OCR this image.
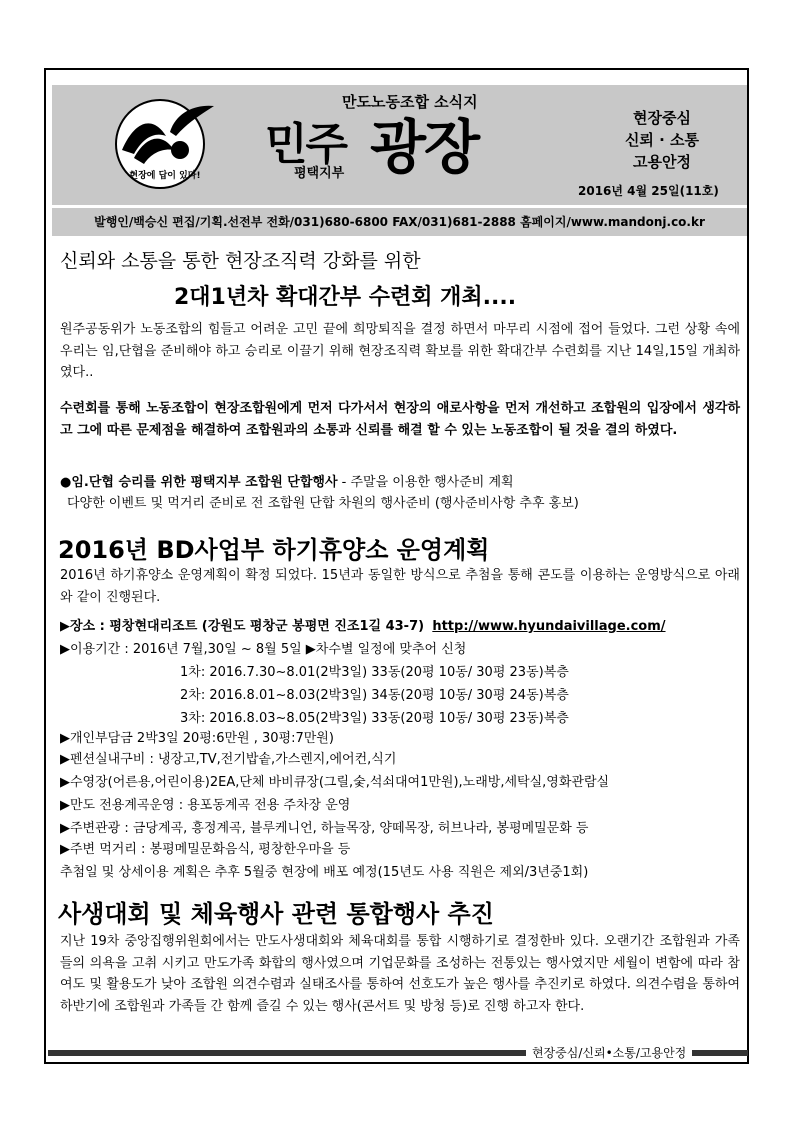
현장에 답이 있다!
만도노동조합 소식지
민주 광장
평택지부
현장중심
신뢰 · 소통
고용안정
2016년 4월 25일(11호)
발행인/백승신 편집/기획.선전부 전화/031)680-6800 FAX/031)681-2888 홈페이지/www.mandonj.co.kr
신뢰와 소통을 통한 현장조직력 강화를 위한
2대1년차 확대간부 수련회 개최....

원주공동위가 노동조합의 힘들고 어려운 고민 끝에 희망퇴직을 결정 하면서 마무리 시점에 접어 들었다. 그런 상황 속에 우리는 임,단협을 준비해야 하고 승리로 이끌기 위해 현장조직력 확보를 위한 확대간부 수련회를 지난 14일,15일 개최하였다..

수련회를 통해 노동조합이 현장조합원에게 먼저 다가서서 현장의 애로사항을 먼저 개선하고 조합원의 입장에서 생각하고 그에 따른 문제점을 해결하여 조합원과의 소통과 신뢰를 해결 할 수 있는 노동조합이 될 것을 결의 하였다.

●임.단협 승리를 위한 평택지부 조합원 단합행사 - 주말을 이용한 행사준비 계획
다양한 이벤트 및 먹거리 준비로 전 조합원 단합 차원의 행사준비 (행사준비사항 추후 홍보)
2016년 BD사업부 하기휴양소 운영계획

2016년 하기휴양소 운영계획이 확정 되었다. 15년과 동일한 방식으로 추첨을 통해 콘도를 이용하는 운영방식으로 아래와 같이 진행된다.

▶장소 : 평창현대리조트 (강원도 평창군 봉평면 진조1길 43-7) http://www.hyundaivillage.com/
▶이용기간 : 2016년 7월,30일 ~ 8월 5일 ▶차수별 일정에 맞추어 신청
1차: 2016.7.30~8.01(2박3일) 33동(20평 10동/ 30평 23동)복층
2차: 2016.8.01~8.03(2박3일) 34동(20평 10동/ 30평 24동)복층
3차: 2016.8.03~8.05(2박3일) 33동(20평 10동/ 30평 23동)복층
▶개인부담금 2박3일 20평:6만원 , 30평:7만원)
▶펜션실내구비 : 냉장고,TV,전기밥솥,가스렌지,에어컨,식기
▶수영장(어른용,어린이용)2EA,단체 바비큐장(그릴,숯,석쇠대여1만원),노래방,세탁실,영화관람실
▶만도 전용계곡운영 : 용포동계곡 전용 주차장 운영
▶주변관광 : 금당계곡, 흥정계곡, 블루케니언, 하늘목장, 양떼목장, 허브나라, 봉평메밀문화 등
▶주변 먹거리 : 봉평메밀문화음식, 평창한우마을 등
추첨일 및 상세이용 계획은 추후 5월중 현장에 배포 예정(15년도 사용 직원은 제외/3년중1회)
사생대회 및 체육행사 관련 통합행사 추진

지난 19차 중앙집행위원회에서는 만도사생대회와 체육대회를 통합 시행하기로 결정한바 있다. 오랜기간 조합원과 가족들의 의욕을 고취 시키고 만도가족 화합의 행사였으며 기업문화를 조성하는 전통있는 행사였지만 세월이 변함에 따라 참여도 및 활용도가 낮아 조합원 의견수렴과 실태조사를 통하여 선호도가 높은 행사를 추진키로 하였다. 의견수렴을 통하여 하반기에 조합원과 가족들 간 함께 즐길 수 있는 행사(콘서트 및 방청 등)로 진행 하고자 한다.

현장중심/신뢰•소통/고용안정
